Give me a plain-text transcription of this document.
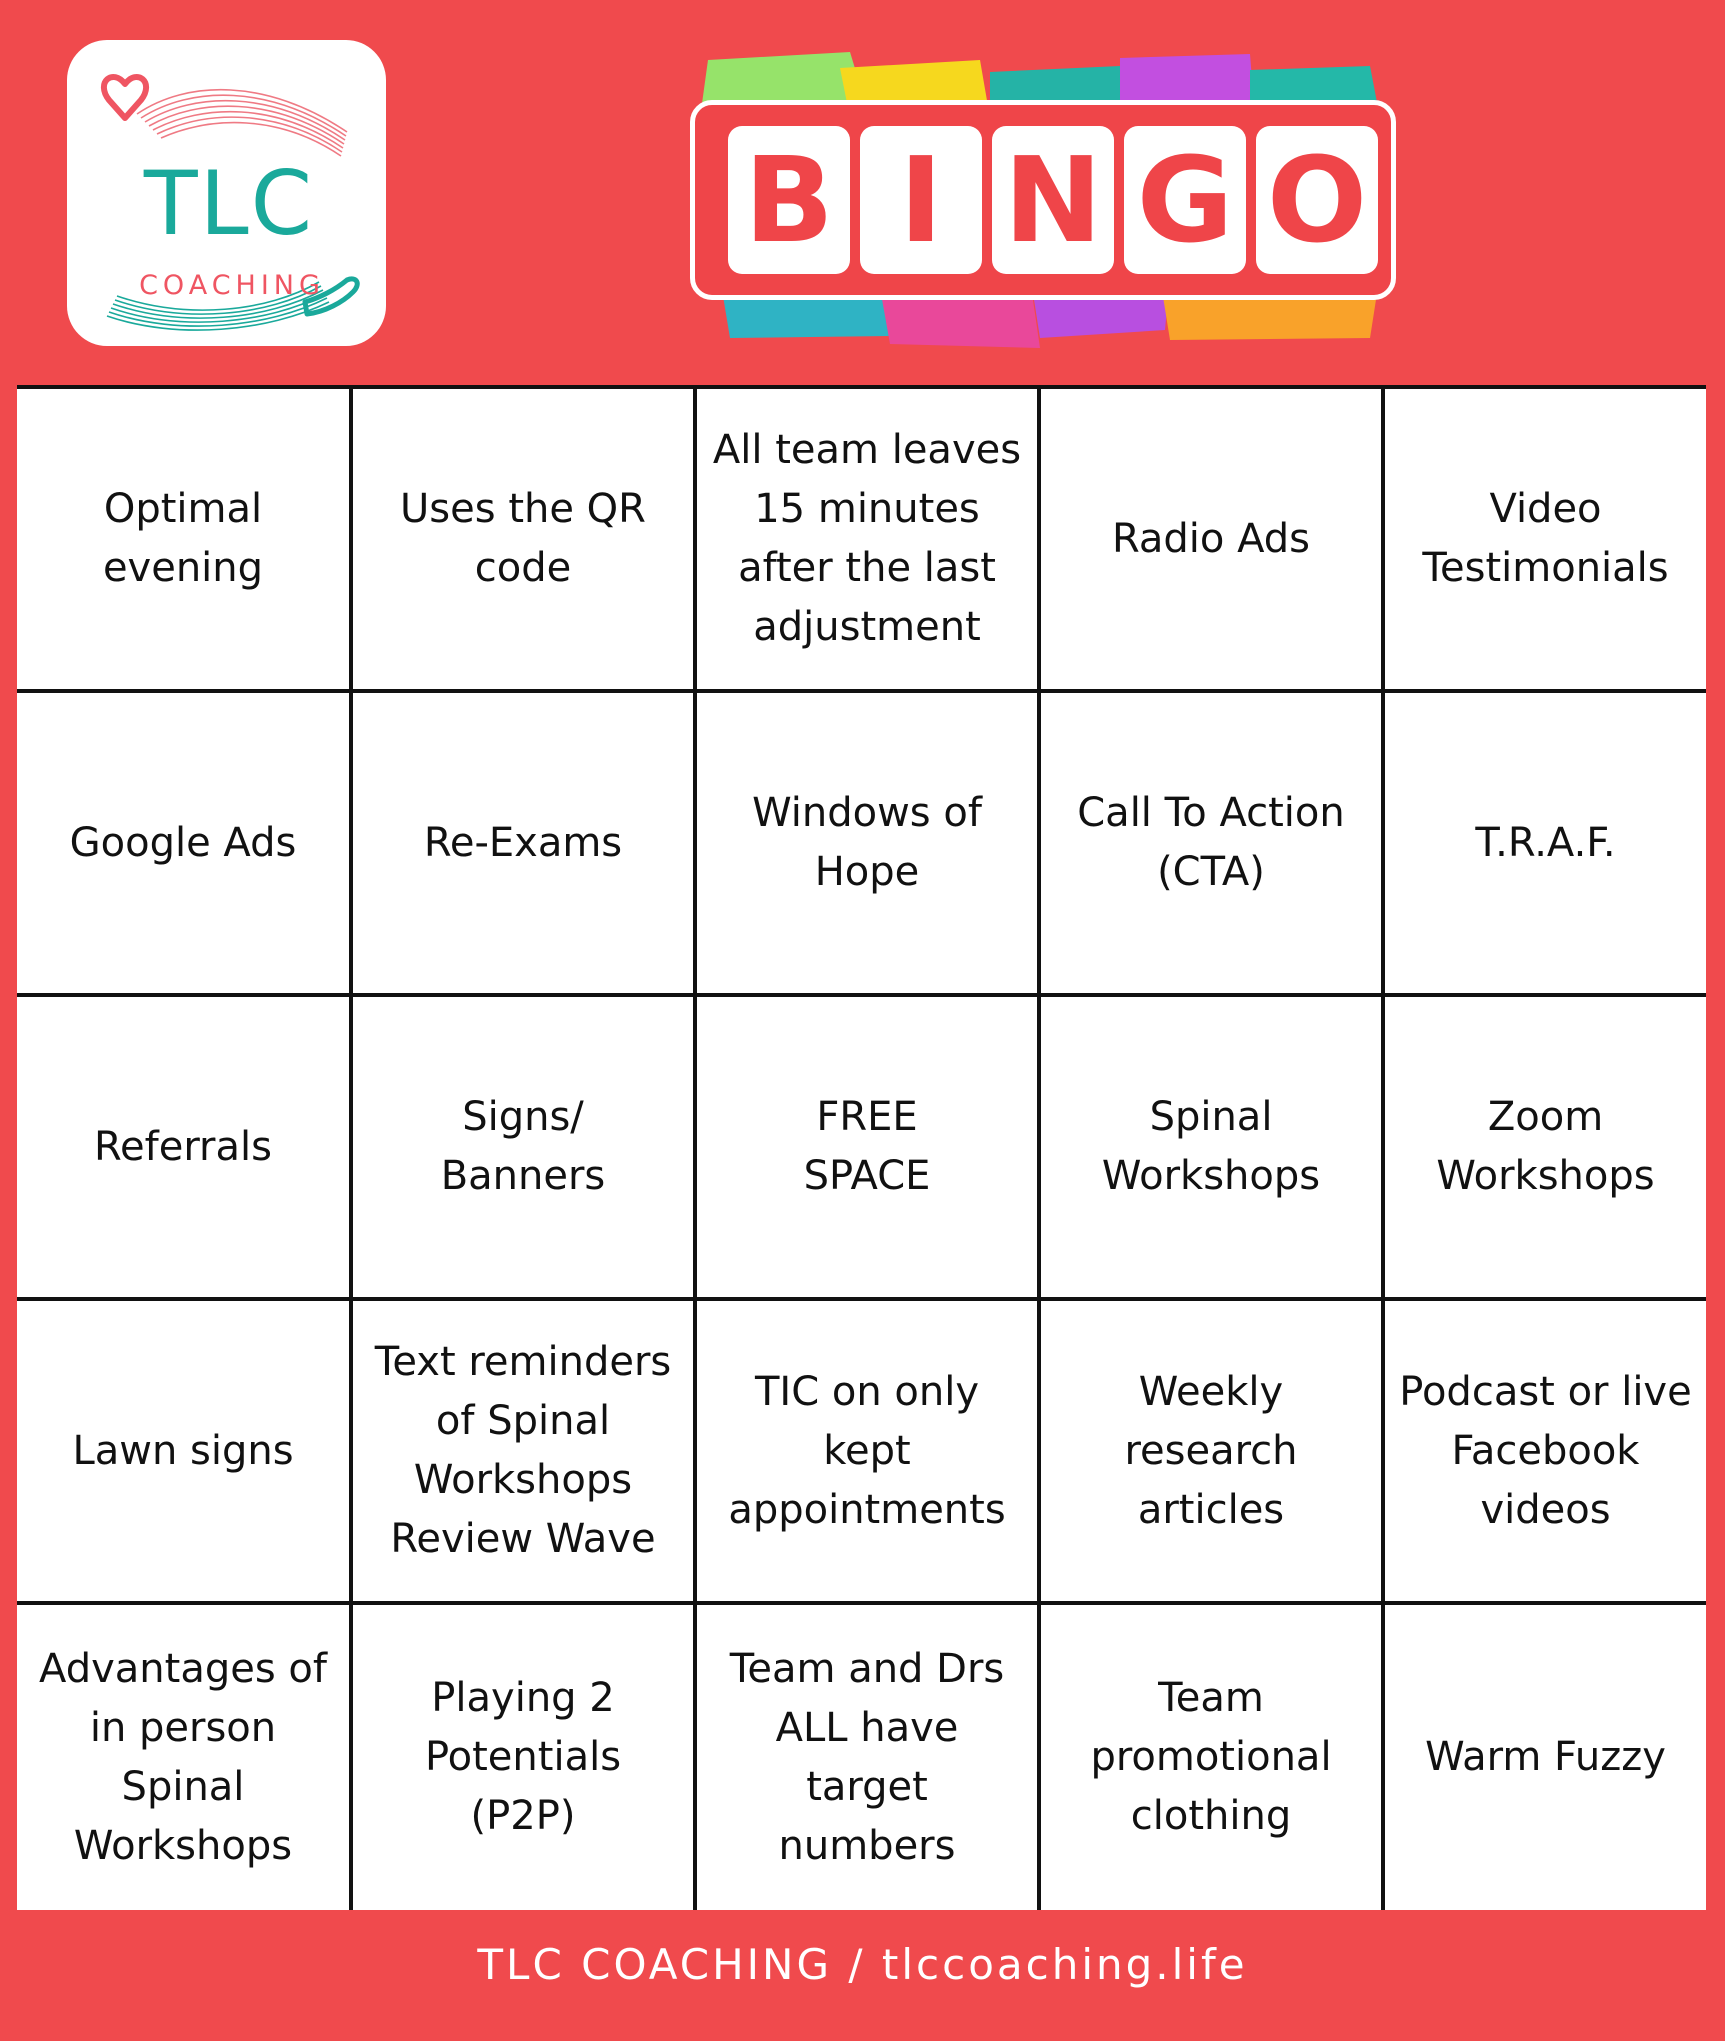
TLC
COACHING
B I N G O
Optimal
evening
Uses the QR
code
All team leaves
15 minutes
after the last
adjustment
Radio Ads
Video
Testimonials
Google Ads	Re-Exams
Windows of
Hope
Call To Action
(CTA)
T.R.A.F.
Referrals
Signs/
Banners
FREE
SPACE
Spinal
Workshops
Zoom
Workshops
Lawn signs
Text reminders
of Spinal
Workshops
Review Wave
TIC on only
kept
appointments
Weekly
research
articles
Podcast or live
Facebook
videos
Advantages of
in person
Spinal
Workshops
Playing 2
Potentials (P2P)
Team and Drs
ALL have target
numbers
Team
promotional
clothing
Warm Fuzzy
TLC COACHING / tlccoaching.life
